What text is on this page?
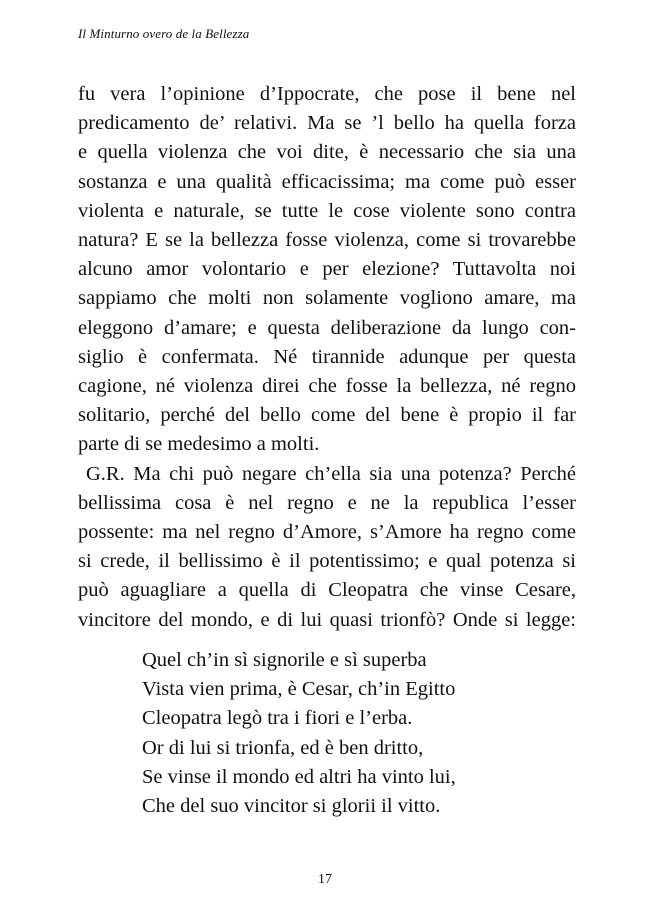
Il Minturno overo de la Bellezza

fu vera l’opinione d’Ippocrate, che pose il bene nel
predicamento de’ relativi. Ma se ’l bello ha quella forza
e quella violenza che voi dite, è necessario che sia una
sostanza e una qualità efficacissima; ma come può esser
violenta e naturale, se tutte le cose violente sono contra
natura? E se la bellezza fosse violenza, come si trovarebbe
alcuno amor volontario e per elezione? Tuttavolta noi
sappiamo che molti non solamente vogliono amare, ma
eleggono d’amare; e questa deliberazione da lungo con-
siglio è confermata. Né tirannide adunque per questa
cagione, né violenza direi che fosse la bellezza, né regno
solitario, perché del bello come del bene è propio il far
parte di se medesimo a molti.

G.R. Ma chi può negare ch’ella sia una potenza? Perché
bellissima cosa è nel regno e ne la republica l’esser
possente: ma nel regno d’Amore, s’Amore ha regno come
si crede, il bellissimo è il potentissimo; e qual potenza si
può aguagliare a quella di Cleopatra che vinse Cesare,
vincitore del mondo, e di lui quasi trionfò? Onde si legge:

Quel ch’in sì signorile e sì superba
Vista vien prima, è Cesar, ch’in Egitto
Cleopatra legò tra i fiori e l’erba.
Or di lui si trionfa, ed è ben dritto,
Se vinse il mondo ed altri ha vinto lui,
Che del suo vincitor si glorii il vitto.
17
